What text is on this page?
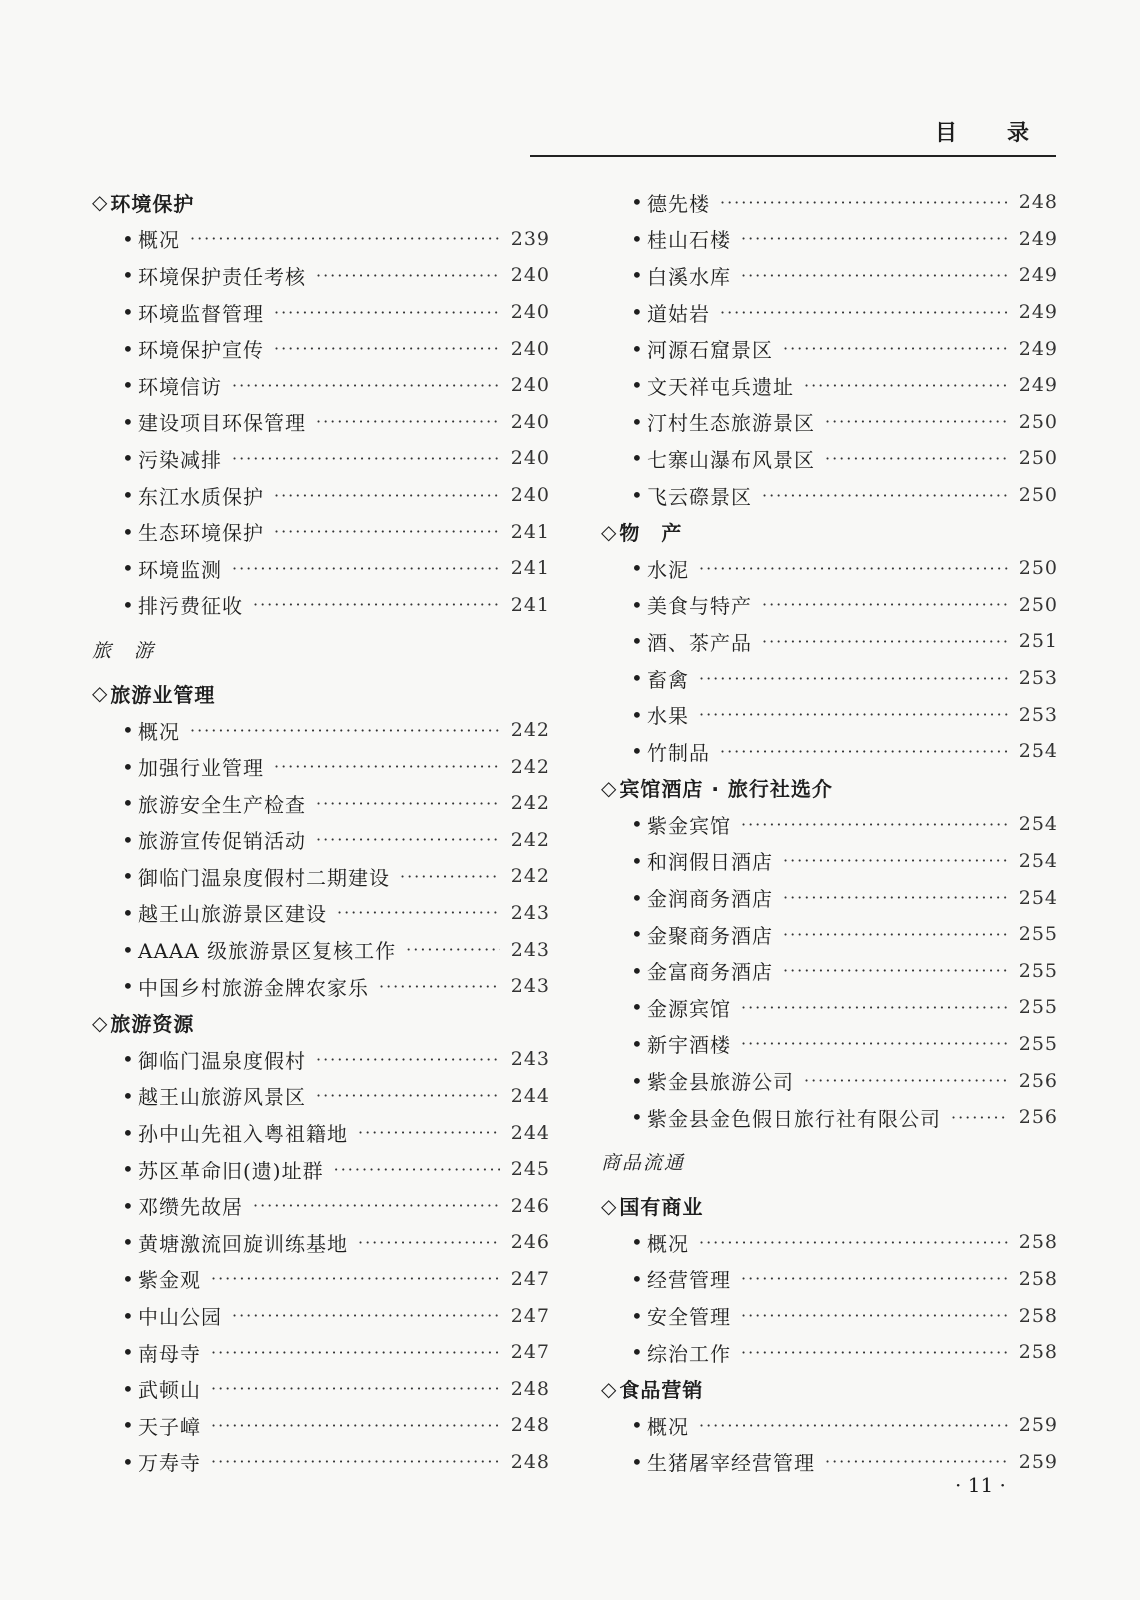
目 录
◇ 环境保护
• 概况 ·····	239
• 环境保护责任考核 ·····	240
• 环境监督管理 ·····	240
• 环境保护宣传 ·····	240
• 环境信访 ·····	240
• 建设项目环保管理 ·····	240
• 污染减排 ·····	240
• 东江水质保护 ·····	240
• 生态环境保护 ·····	241
• 环境监测 ·····	241
• 排污费征收 ·····	241
旅　游
◇ 旅游业管理
• 概况 ·····	242
• 加强行业管理 ·····	242
• 旅游安全生产检查 ·····	242
• 旅游宣传促销活动 ·····	242
• 御临门温泉度假村二期建设 ·····	242
• 越王山旅游景区建设 ·····	243
• AAAA 级旅游景区复核工作 ·····	243
• 中国乡村旅游金牌农家乐 ·····	243
◇ 旅游资源
• 御临门温泉度假村 ·····	243
• 越王山旅游风景区 ·····	244
• 孙中山先祖入粤祖籍地 ·····	244
• 苏区革命旧(遗)址群 ·····	245
• 邓缵先故居 ·····	246
• 黄塘激流回旋训练基地 ·····	246
• 紫金观 ·····	247
• 中山公园 ·····	247
• 南母寺 ·····	247
• 武顿山 ·····	248
• 天子嶂 ·····	248
• 万寿寺 ·····	248
• 德先楼 ·····	248
• 桂山石楼 ·····	249
• 白溪水库 ·····	249
• 道姑岩 ·····	249
• 河源石窟景区 ·····	249
• 文天祥屯兵遗址 ·····	249
• 汀村生态旅游景区 ·····	250
• 七寨山瀑布风景区 ·····	250
• 飞云磜景区 ·····	250
◇ 物　产
• 水泥 ·····	250
• 美食与特产 ·····	250
• 酒、茶产品 ·····	251
• 畜禽 ·····	253
• 水果 ·····	253
• 竹制品 ·····	254
◇ 宾馆酒店 · 旅行社选介
• 紫金宾馆 ·····	254
• 和润假日酒店 ·····	254
• 金润商务酒店 ·····	254
• 金聚商务酒店 ·····	255
• 金富商务酒店 ·····	255
• 金源宾馆 ·····	255
• 新宇酒楼 ·····	255
• 紫金县旅游公司 ·····	256
• 紫金县金色假日旅行社有限公司 ·····	256
商品流通
◇ 国有商业
• 概况 ·····	258
• 经营管理 ·····	258
• 安全管理 ·····	258
• 综治工作 ·····	258
◇ 食品营销
• 概况 ·····	259
• 生猪屠宰经营管理 ·····	259
· 11 ·
